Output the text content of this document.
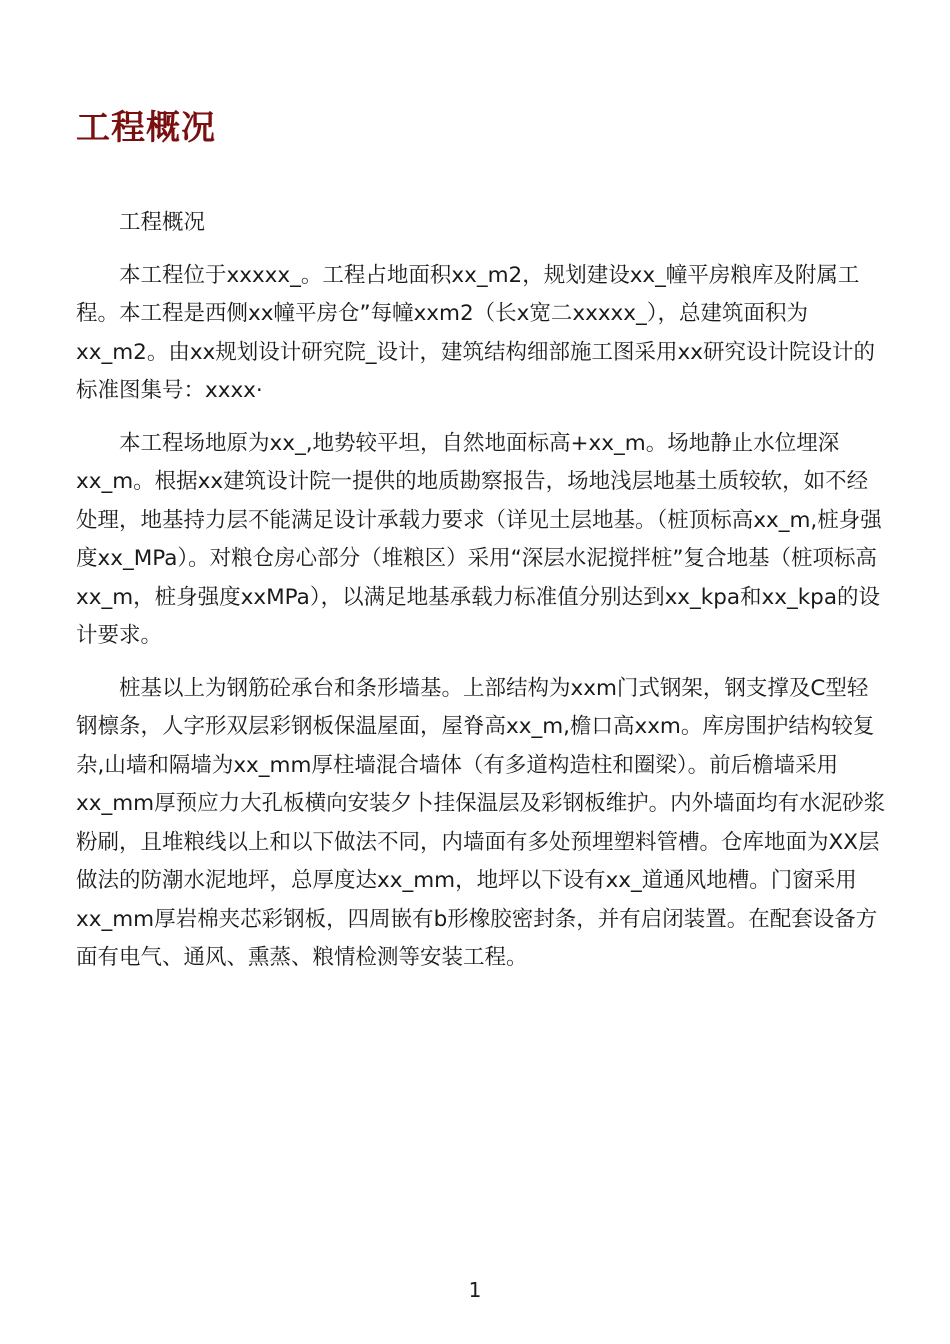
工程概况

工程概况

本工程位于xxxxx_。工程占地面积xx_m2，规划建设xx_幢平房粮库及附属工程。本工程是西侧xx幢平房仓”每幢xxm2（长x宽二xxxxx_），总建筑面积为xx_m2。由xx规划设计研究院_设计，建筑结构细部施工图采用xx研究设计院设计的标准图集号：xxxx·

本工程场地原为xx_,地势较平坦，自然地面标高+xx_m。场地静止水位埋深xx_m。根据xx建筑设计院一提供的地质勘察报告，场地浅层地基土质较软，如不经处理，地基持力层不能满足设计承载力要求（详见土层地基。（桩顶标高xx_m,桩身强度xx_MPa）。对粮仓房心部分（堆粮区）采用“深层水泥搅拌桩”复合地基（桩项标高xx_m，桩身强度xxMPa），以满足地基承载力标准值分别达到xx_kpa和xx_kpa的设计要求。

桩基以上为钢筋砼承台和条形墙基。上部结构为xxm门式钢架，钢支撑及C型轻钢檩条，人字形双层彩钢板保温屋面，屋脊高xx_m,檐口高xxm。库房围护结构较复杂,山墙和隔墙为xx_mm厚柱墙混合墙体（有多道构造柱和圈梁）。前后檐墙采用xx_mm厚预应力大孔板横向安装夕卜挂保温层及彩钢板维护。内外墙面均有水泥砂浆粉刷，且堆粮线以上和以下做法不同，内墙面有多处预埋塑料管槽。仓库地面为XX层做法的防潮水泥地坪，总厚度达xx_mm，地坪以下设有xx_道通风地槽。门窗采用xx_mm厚岩棉夹芯彩钢板，四周嵌有b形橡胶密封条，并有启闭装置。在配套设备方面有电气、通风、熏蒸、粮情检测等安装工程。

1
